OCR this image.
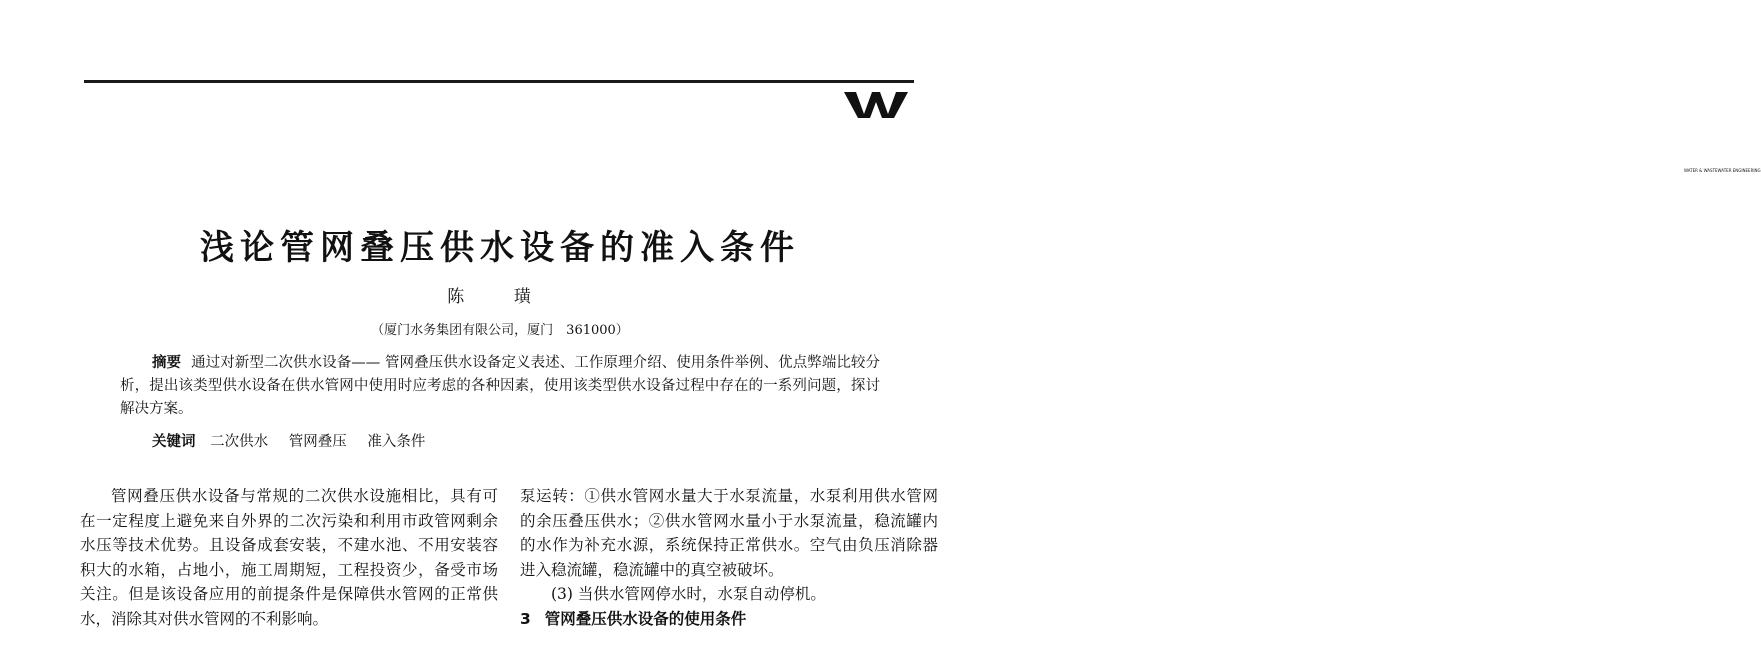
WATER & WASTEWATER ENGINEERING
浅论管网叠压供水设备的准入条件
陈 璜
（厦门水务集团有限公司，厦门　361000）
摘要 通过对新型二次供水设备—— 管网叠压供水设备定义表述、工作原理介绍、使用条件举例、优点弊端比较分析，提出该类型供水设备在供水管网中使用时应考虑的各种因素，使用该类型供水设备过程中存在的一系列问题，探讨解决方案。
关键词 二次供水 管网叠压 准入条件

管网叠压供水设备与常规的二次供水设施相比，具有可在一定程度上避免来自外界的二次污染和利用市政管网剩余水压等技术优势。且设备成套安装，不建水池、不用安装容积大的水箱，占地小，施工周期短，工程投资少，备受市场关注。但是该设备应用的前提条件是保障供水管网的正常供水，消除其对供水管网的不利影响。

泵运转：①供水管网水量大于水泵流量，水泵利用供水管网的余压叠压供水；②供水管网水量小于水泵流量，稳流罐内的水作为补充水源，系统保持正常供水。空气由负压消除器进入稳流罐，稳流罐中的真空被破坏。

(3) 当供水管网停水时，水泵自动停机。

3 管网叠压供水设备的使用条件
